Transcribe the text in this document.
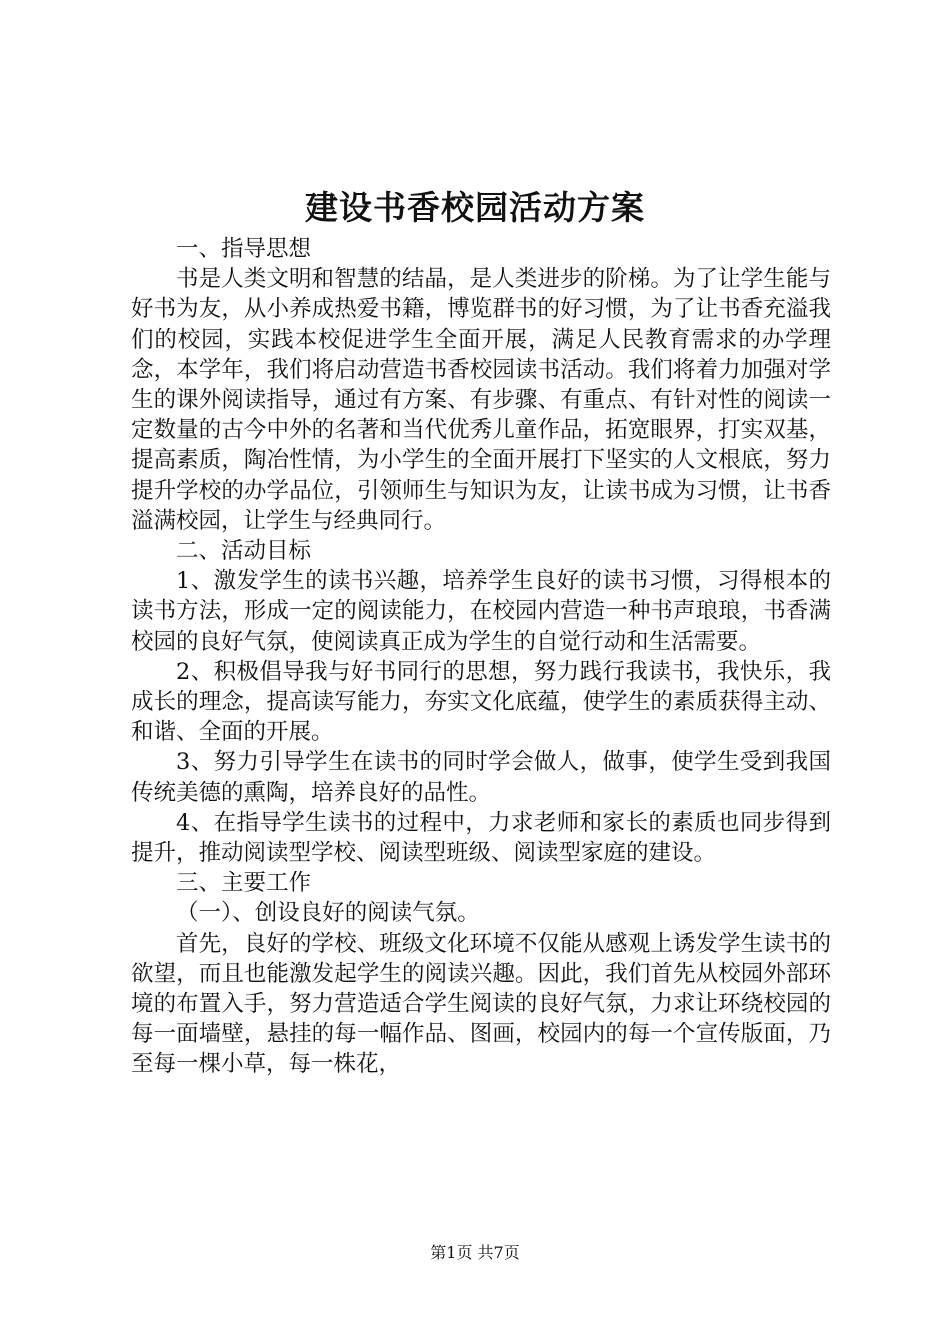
建设书香校园活动方案

一、指导思想

书是人类文明和智慧的结晶，是人类进步的阶梯。为了让学生能与好书为友，从小养成热爱书籍，博览群书的好习惯，为了让书香充溢我们的校园，实践本校促进学生全面开展，满足人民教育需求的办学理念，本学年，我们将启动营造书香校园读书活动。我们将着力加强对学生的课外阅读指导，通过有方案、有步骤、有重点、有针对性的阅读一定数量的古今中外的名著和当代优秀儿童作品，拓宽眼界，打实双基，提高素质，陶冶性情，为小学生的全面开展打下坚实的人文根底，努力提升学校的办学品位，引领师生与知识为友，让读书成为习惯，让书香溢满校园，让学生与经典同行。

二、活动目标

1、激发学生的读书兴趣，培养学生良好的读书习惯，习得根本的读书方法，形成一定的阅读能力，在校园内营造一种书声琅琅，书香满校园的良好气氛，使阅读真正成为学生的自觉行动和生活需要。

2、积极倡导我与好书同行的思想，努力践行我读书，我快乐，我成长的理念，提高读写能力，夯实文化底蕴，使学生的素质获得主动、和谐、全面的开展。

3、努力引导学生在读书的同时学会做人，做事，使学生受到我国传统美德的熏陶，培养良好的品性。

4、在指导学生读书的过程中，力求老师和家长的素质也同步得到提升，推动阅读型学校、阅读型班级、阅读型家庭的建设。

三、主要工作

（一）、创设良好的阅读气氛。

首先，良好的学校、班级文化环境不仅能从感观上诱发学生读书的欲望，而且也能激发起学生的阅读兴趣。因此，我们首先从校园外部环境的布置入手，努力营造适合学生阅读的良好气氛，力求让环绕校园的每一面墙壁，悬挂的每一幅作品、图画，校园内的每一个宣传版面，乃至每一棵小草，每一株花，

第1页 共7页
